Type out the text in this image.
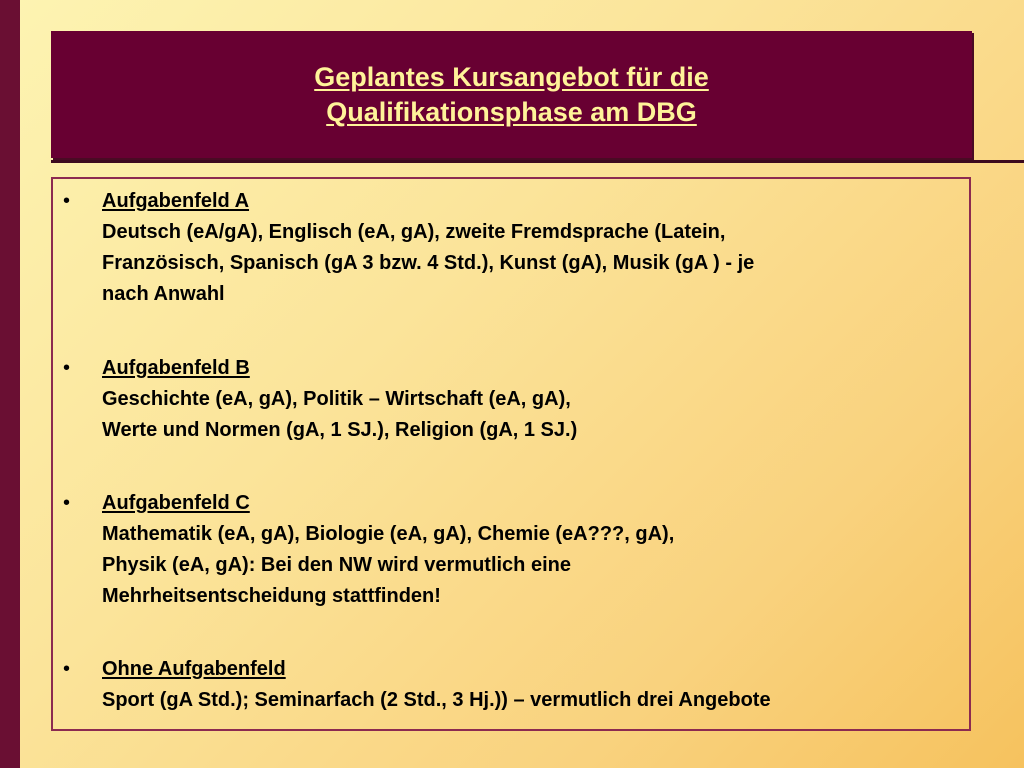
Geplantes Kursangebot für die
Qualifikationsphase am DBG
• Aufgabenfeld A
Deutsch (eA/gA), Englisch (eA, gA), zweite Fremdsprache (Latein,
Französisch, Spanisch (gA 3 bzw. 4 Std.), Kunst (gA), Musik (gA ) - je
nach Anwahl
• Aufgabenfeld B
Geschichte (eA, gA), Politik – Wirtschaft (eA, gA),
Werte und Normen (gA, 1 SJ.), Religion (gA, 1 SJ.)
• Aufgabenfeld C
Mathematik (eA, gA), Biologie (eA, gA), Chemie (eA???, gA),
Physik (eA, gA): Bei den NW wird vermutlich eine
Mehrheitsentscheidung stattfinden!
• Ohne Aufgabenfeld
Sport (gA Std.); Seminarfach (2 Std., 3 Hj.)) – vermutlich drei Angebote
